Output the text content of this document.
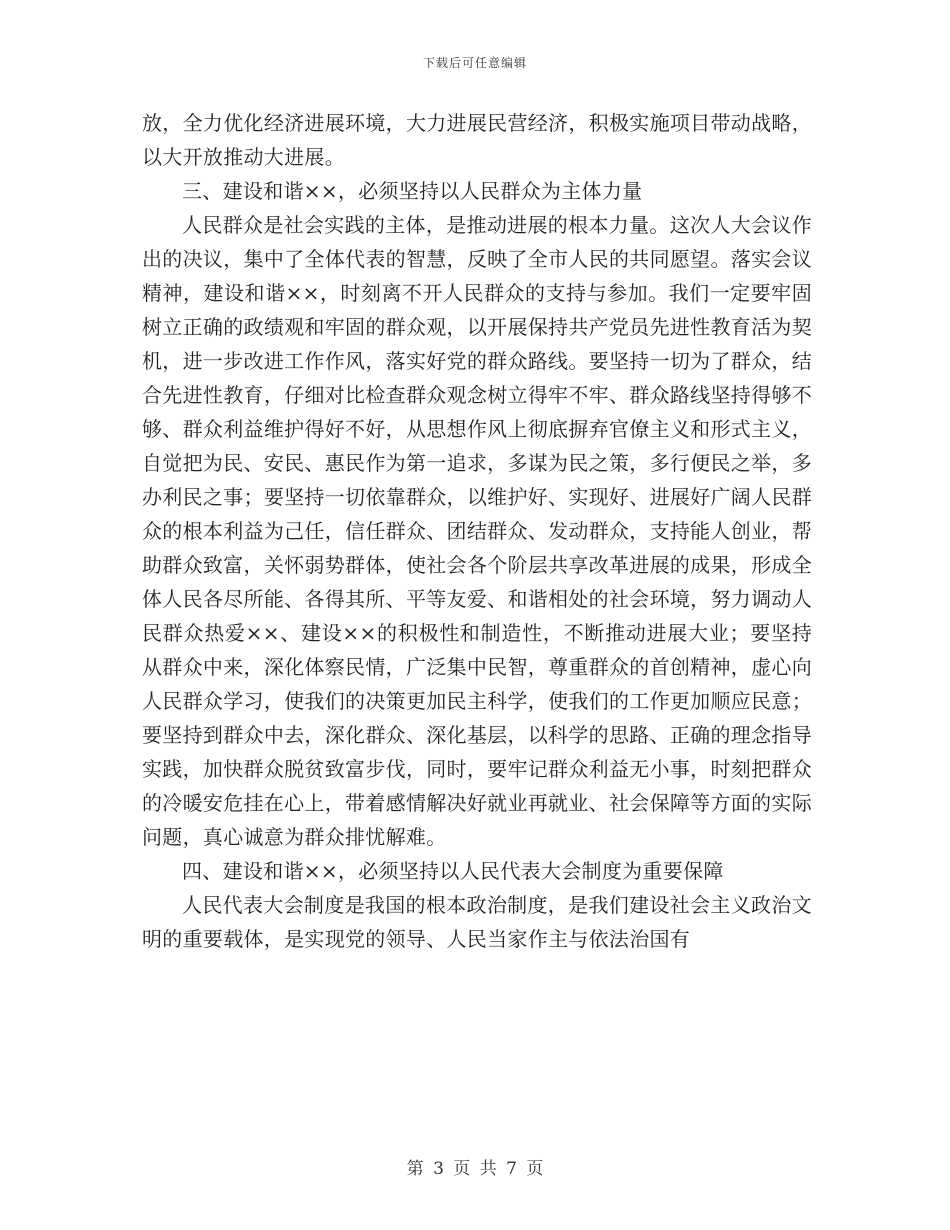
下载后可任意编辑

放，全力优化经济进展环境，大力进展民营经济，积极实施项目带动战略，以大开放推动大进展。

三、建设和谐××，必须坚持以人民群众为主体力量

人民群众是社会实践的主体，是推动进展的根本力量。这次人大会议作出的决议，集中了全体代表的智慧，反映了全市人民的共同愿望。落实会议精神，建设和谐××，时刻离不开人民群众的支持与参加。我们一定要牢固树立正确的政绩观和牢固的群众观，以开展保持共产党员先进性教育活为契机，进一步改进工作作风，落实好党的群众路线。要坚持一切为了群众，结合先进性教育，仔细对比检查群众观念树立得牢不牢、群众路线坚持得够不够、群众利益维护得好不好，从思想作风上彻底摒弃官僚主义和形式主义，自觉把为民、安民、惠民作为第一追求，多谋为民之策，多行便民之举，多办利民之事；要坚持一切依靠群众，以维护好、实现好、进展好广阔人民群众的根本利益为己任，信任群众、团结群众、发动群众，支持能人创业，帮助群众致富，关怀弱势群体，使社会各个阶层共享改革进展的成果，形成全体人民各尽所能、各得其所、平等友爱、和谐相处的社会环境，努力调动人民群众热爱××、建设××的积极性和制造性，不断推动进展大业；要坚持从群众中来，深化体察民情，广泛集中民智，尊重群众的首创精神，虚心向人民群众学习，使我们的决策更加民主科学，使我们的工作更加顺应民意；要坚持到群众中去，深化群众、深化基层，以科学的思路、正确的理念指导实践，加快群众脱贫致富步伐，同时，要牢记群众利益无小事，时刻把群众的冷暖安危挂在心上，带着感情解决好就业再就业、社会保障等方面的实际问题，真心诚意为群众排忧解难。

四、建设和谐××，必须坚持以人民代表大会制度为重要保障

人民代表大会制度是我国的根本政治制度，是我们建设社会主义政治文明的重要载体，是实现党的领导、人民当家作主与依法治国有

第 3 页 共 7 页
